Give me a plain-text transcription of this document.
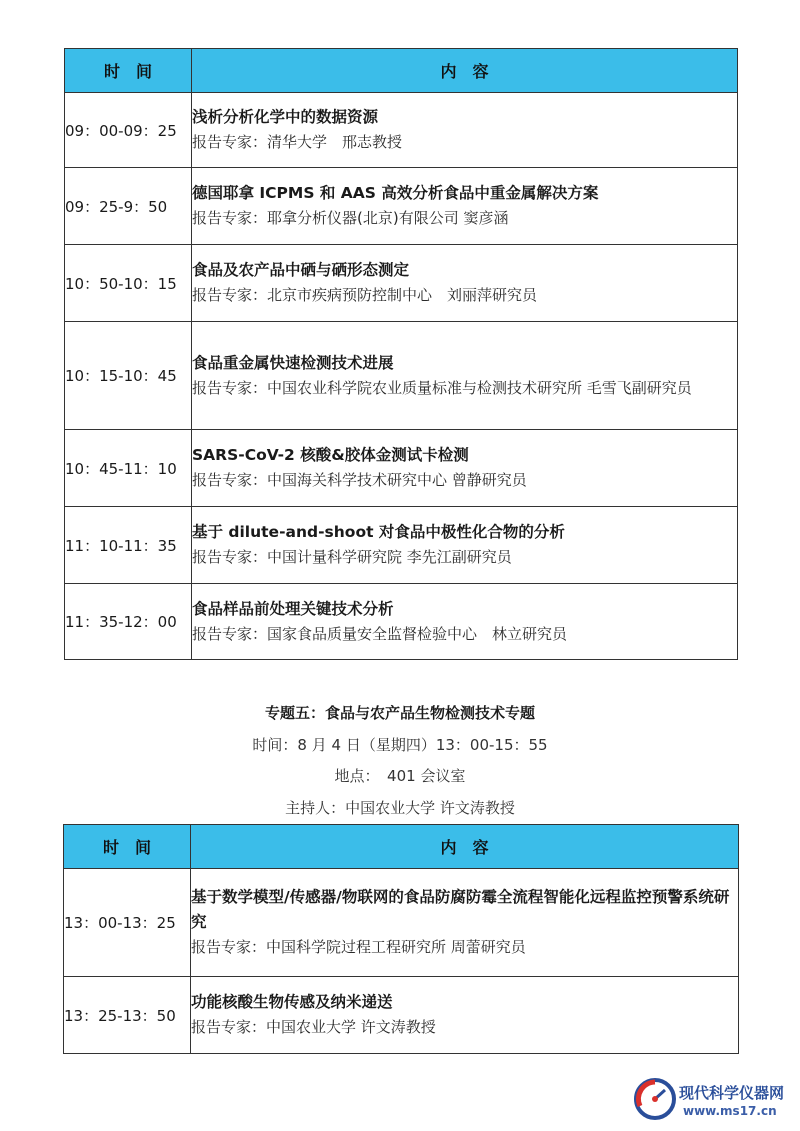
时　间	内　容
09：00-09：25	浅析分析化学中的数据资源
报告专家：清华大学　邢志教授

09：25-9：50	德国耶拿 ICPMS 和 AAS 高效分析食品中重金属解决方案
报告专家：耶拿分析仪器(北京)有限公司 窦彦涵

10：50-10：15	食品及农产品中硒与硒形态测定
报告专家：北京市疾病预防控制中心　刘丽萍研究员

10：15-10：45	食品重金属快速检测技术进展
报告专家：中国农业科学院农业质量标准与检测技术研究所 毛雪飞副研究员

10：45-11：10	SARS-CoV-2 核酸&胶体金测试卡检测
报告专家：中国海关科学技术研究中心 曾静研究员

11：10-11：35	基于 dilute-and-shoot 对食品中极性化合物的分析
报告专家：中国计量科学研究院 李先江副研究员

11：35-12：00	食品样品前处理关键技术分析
报告专家：国家食品质量安全监督检验中心　林立研究员
专题五：食品与农产品生物检测技术专题
时间：8 月 4 日（星期四）13：00-15：55
地点：　401 会议室
主持人：中国农业大学 许文涛教授
时　间	内　容
13：00-13：25	基于数学模型/传感器/物联网的食品防腐防霉全流程智能化远程监控预警系统研究
报告专家：中国科学院过程工程研究所 周蕾研究员

13：25-13：50	功能核酸生物传感及纳米递送
报告专家：中国农业大学 许文涛教授
现代科学仪器网
www.ms17.cn
